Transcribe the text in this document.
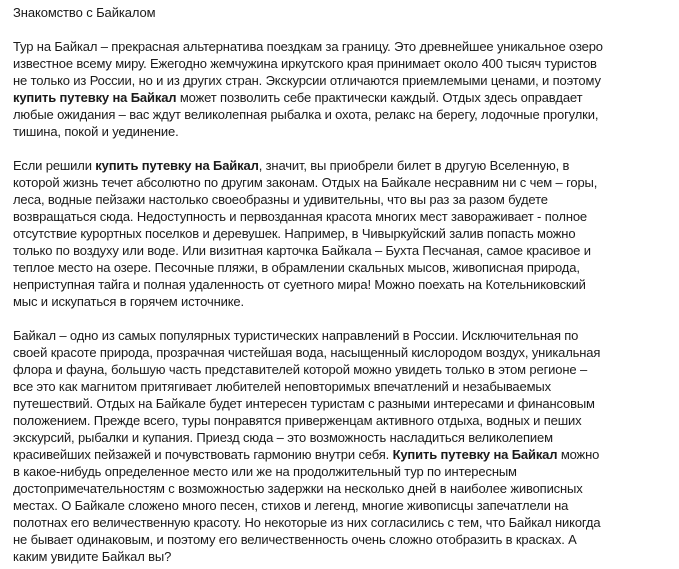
Знакомство с Байкалом
Тур на Байкал – прекрасная альтернатива поездкам за границу. Это древнейшее уникальное озеро
известное всему миру. Ежегодно жемчужина иркутского края принимает около 400 тысяч туристов
не только из России, но и из других стран. Экскурсии отличаются приемлемыми ценами, и поэтому
купить путевку на Байкал может позволить себе практически каждый. Отдых здесь оправдает
любые ожидания – вас ждут великолепная рыбалка и охота, релакс на берегу, лодочные прогулки,
тишина, покой и уединение.
Если решили купить путевку на Байкал, значит, вы приобрели билет в другую Вселенную, в
которой жизнь течет абсолютно по другим законам. Отдых на Байкале несравним ни с чем – горы,
леса, водные пейзажи настолько своеобразны и удивительны, что вы раз за разом будете
возвращаться сюда. Недоступность и первозданная красота многих мест завораживает - полное
отсутствие курортных поселков и деревушек. Например, в Чивыркуйский залив попасть можно
только по воздуху или воде. Или визитная карточка Байкала – Бухта Песчаная, самое красивое и
теплое место на озере. Песочные пляжи, в обрамлении скальных мысов, живописная природа,
неприступная тайга и полная удаленность от суетного мира! Можно поехать на Котельниковский
мыс и искупаться в горячем источнике.
Байкал – одно из самых популярных туристических направлений в России. Исключительная по
своей красоте природа, прозрачная чистейшая вода, насыщенный кислородом воздух, уникальная
флора и фауна, большую часть представителей которой можно увидеть только в этом регионе –
все это как магнитом притягивает любителей неповторимых впечатлений и незабываемых
путешествий. Отдых на Байкале будет интересен туристам с разными интересами и финансовым
положением. Прежде всего, туры понравятся приверженцам активного отдыха, водных и пеших
экскурсий, рыбалки и купания. Приезд сюда – это возможность насладиться великолепием
красивейших пейзажей и почувствовать гармонию внутри себя. Купить путевку на Байкал можно
в какое-нибудь определенное место или же на продолжительный тур по интересным
достопримечательностям с возможностью задержки на несколько дней в наиболее живописных
местах. О Байкале сложено много песен, стихов и легенд, многие живописцы запечатлели на
полотнах его величественную красоту. Но некоторые из них согласились с тем, что Байкал никогда
не бывает одинаковым, и поэтому его величественность очень сложно отобразить в красках. А
каким увидите Байкал вы?
